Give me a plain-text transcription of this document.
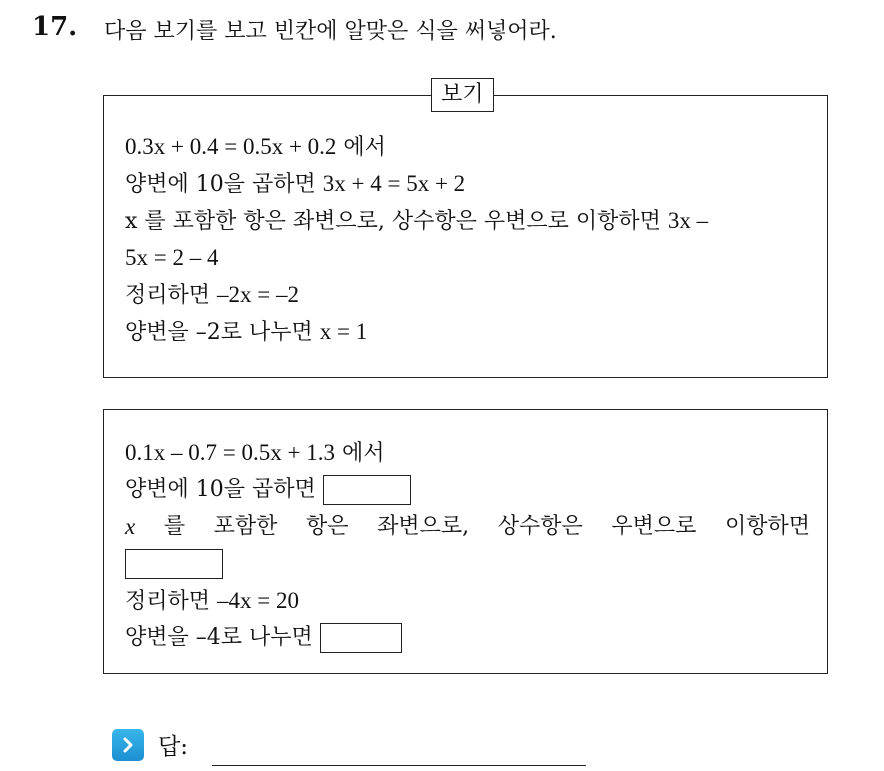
17. 다음 보기를 보고 빈칸에 알맞은 식을 써넣어라.
0.3x + 0.4 = 0.5x + 0.2 에서
양변에 10을 곱하면 3x + 4 = 5x + 2
x 를 포함한 항은 좌변으로, 상수항은 우변으로 이항하면 3x –
5x = 2 – 4
정리하면 –2x = –2
양변을 –2로 나누면 x = 1
보기
0.1x – 0.7 = 0.5x + 1.3 에서
양변에 10을 곱하면
x 를 포함한 항은 좌변으로, 상수항은 우변으로 이항하면
정리하면 –4x = 20
양변을 –4로 나누면
답:
